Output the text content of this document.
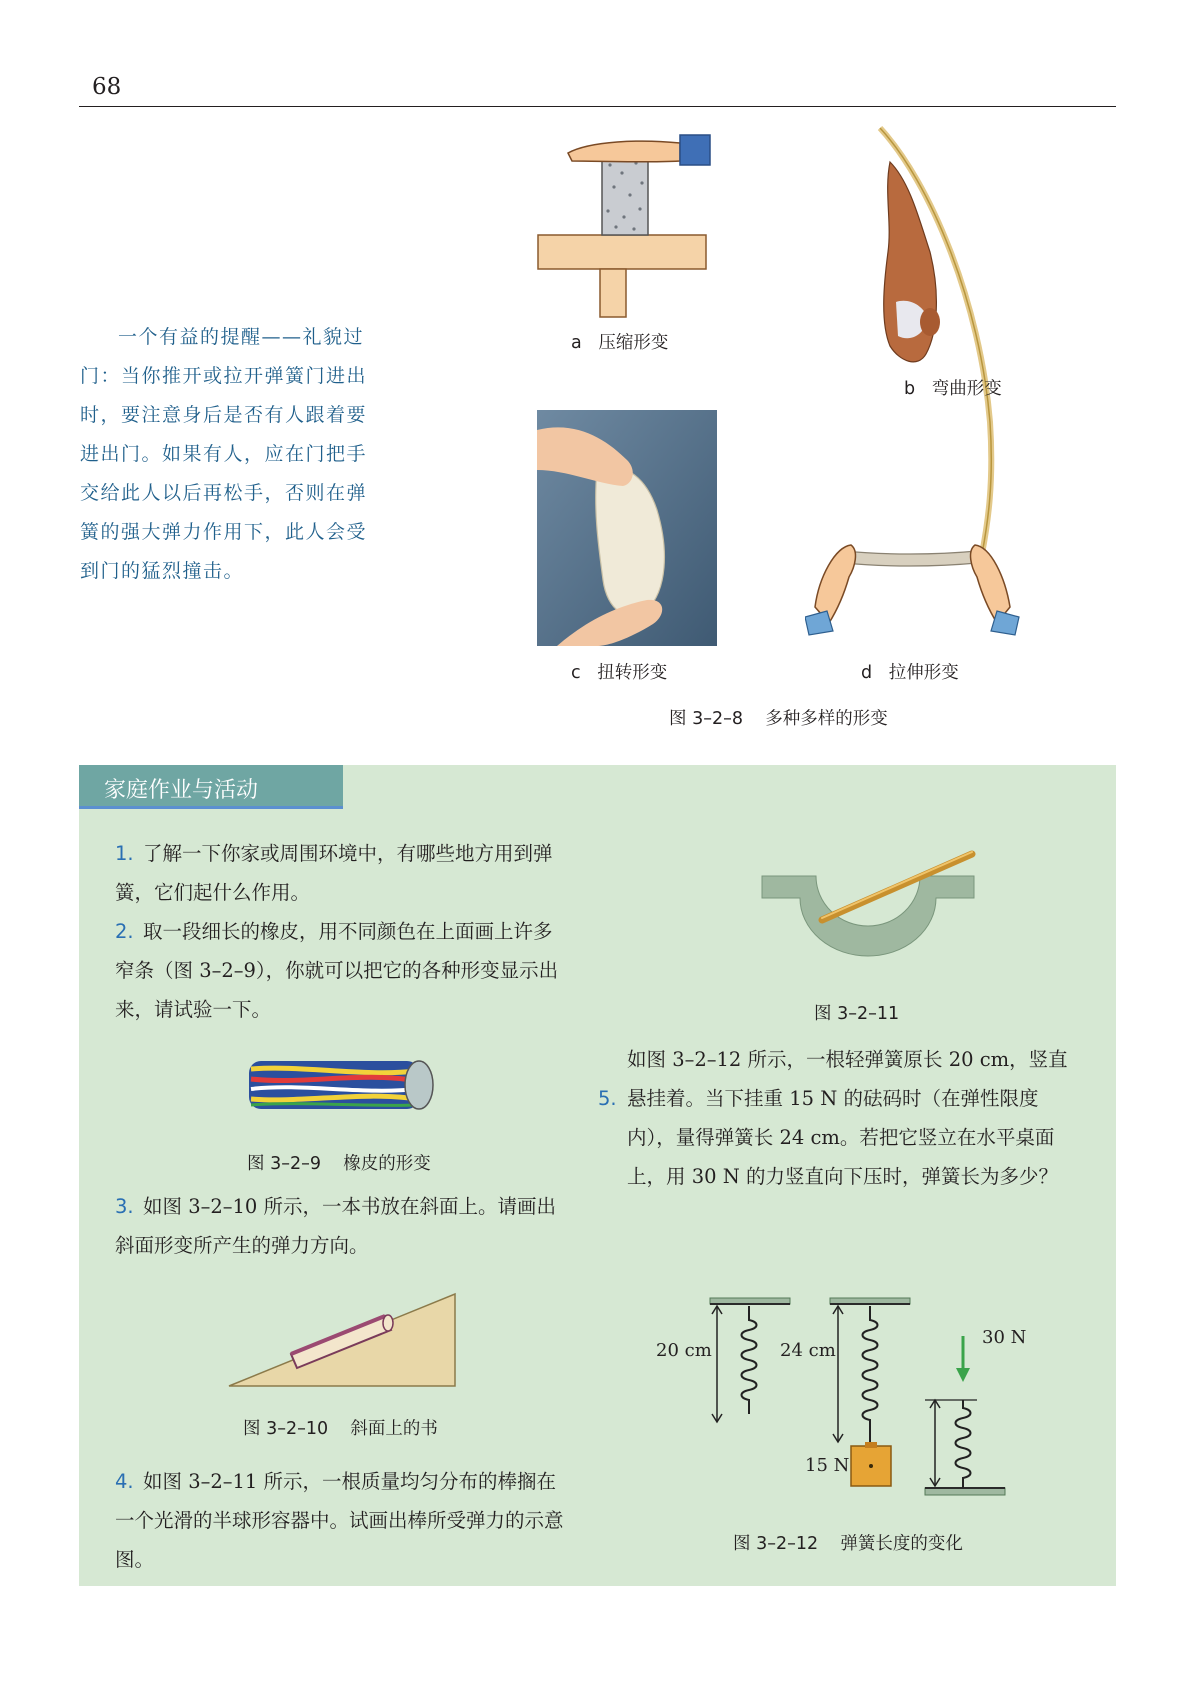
68
一个有益的提醒——礼貌过门：当你推开或拉开弹簧门进出时，要注意身后是否有人跟着要进出门。如果有人，应在门把手交给此人以后再松手，否则在弹簧的强大弹力作用下，此人会受到门的猛烈撞击。
a   压缩形变
b   弯曲形变
c   扭转形变	d   拉伸形变
图 3–2–8    多种多样的形变
家庭作业与活动
1. 了解一下你家或周围环境中，有哪些地方用到弹簧，它们起什么作用。
2. 取一段细长的橡皮，用不同颜色在上面画上许多窄条（图 3–2–9），你就可以把它的各种形变显示出来，请试验一下。
图 3–2–9    橡皮的形变
3. 如图 3–2–10 所示，一本书放在斜面上。请画出斜面形变所产生的弹力方向。
图 3–2–10    斜面上的书
4. 如图 3–2–11 所示，一根质量均匀分布的棒搁在一个光滑的半球形容器中。试画出棒所受弹力的示意图。
图 3–2–11
5.
如图 3–2–12 所示，一根轻弹簧原长 20 cm，竖直悬挂着。当下挂重 15 N 的砝码时（在弹性限度内），量得弹簧长 24 cm。若把它竖立在水平桌面上，用 30 N 的力竖直向下压时，弹簧长为多少？
20 cm	24 cm
15 N
30 N
图 3–2–12    弹簧长度的变化
